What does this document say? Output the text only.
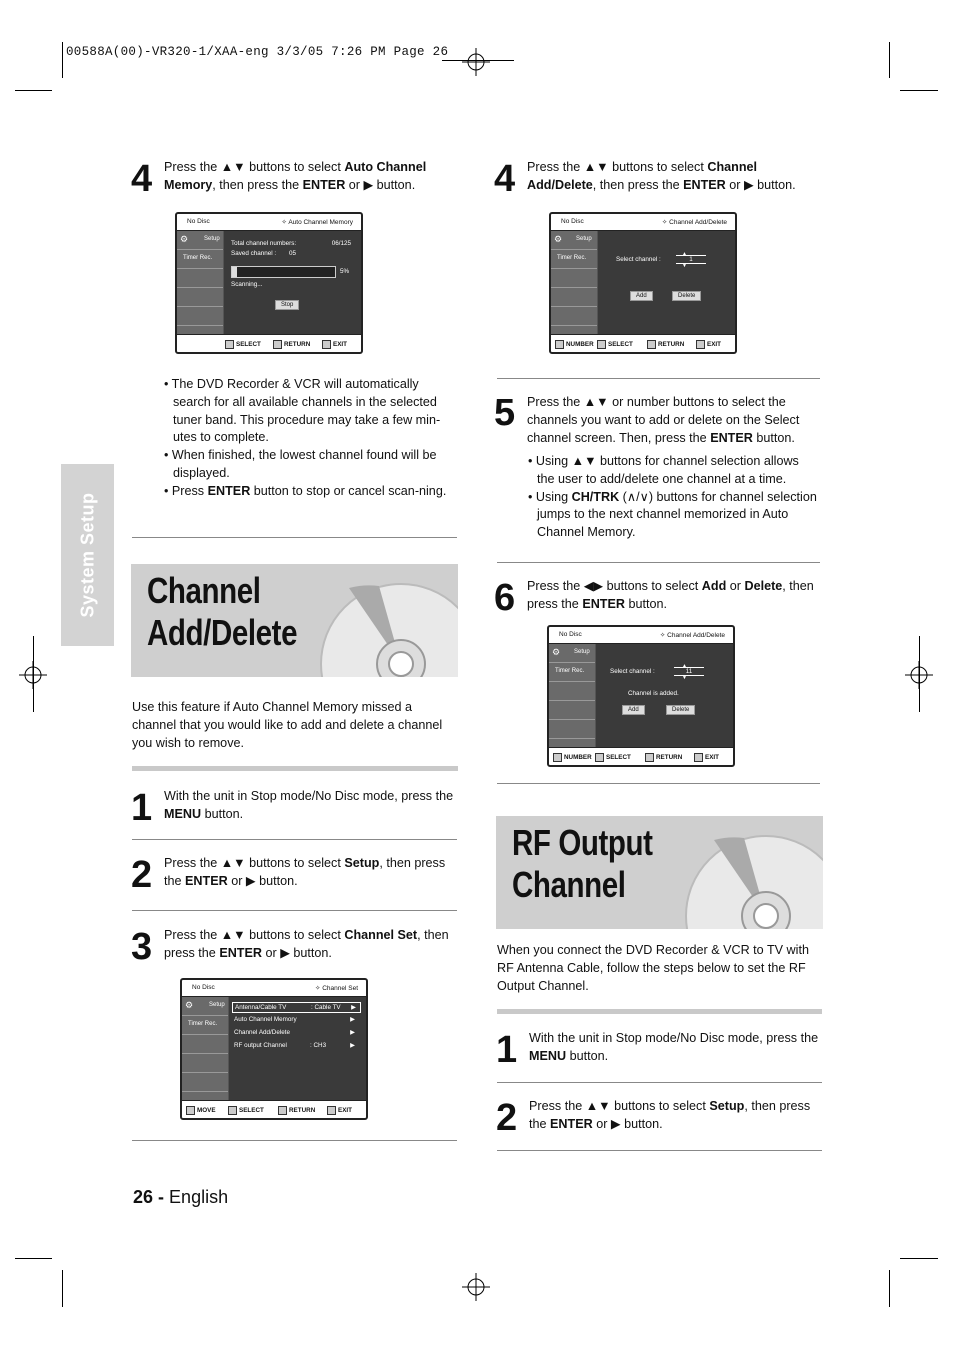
00588A(00)-VR320-1/XAA-eng 3/3/05 7:26 PM Page 26
System Setup
4 Press the ▲▼ buttons to select Auto Channel Memory, then press the ENTER or ▶ button.
No Disc	✧ Auto Channel Memory
⚙	Setup
Timer Rec.
Total channel numbers:	06/125
Saved channel : 05
5%
Scanning...
Stop
SELECT	RETURN	EXIT
• The DVD Recorder & VCR will automatically search for all available channels in the selected tuner band. This procedure may take a few min-utes to complete.
• When finished, the lowest channel found will be displayed.
• Press ENTER button to stop or cancel scan-ning.
Channel Add/Delete
Use this feature if Auto Channel Memory missed a channel that you would like to add and delete a channel you wish to remove.
1 With the unit in Stop mode/No Disc mode, press the MENU button.
2 Press the ▲▼ buttons to select Setup, then press the ENTER or ▶ button.
3 Press the ▲▼ buttons to select Channel Set, then press the ENTER or ▶ button.
No Disc	✧ Channel Set
⚙	Setup
Timer Rec.
Antenna/Cable TV	: Cable TV ▶
Auto Channel Memory	▶
Channel Add/Delete	▶
RF output Channel	: CH3	▶
MOVE	SELECT	RETURN	EXIT
26 - English
4 Press the ▲▼ buttons to select Channel Add/Delete, then press the ENTER or ▶ button.
No Disc	✧ Channel Add/Delete
⚙ Setup
Timer Rec.	Select channel :
▲
1
▼
Add	Delete
NUMBER	SELECT	RETURN	EXIT
5 Press the ▲▼ or number buttons to select the channels you want to add or delete on the Select channel screen. Then, press the ENTER button.
• Using ▲▼ buttons for channel selection allows the user to add/delete one channel at a time.
• Using CH/TRK (∧/∨) buttons for channel selection jumps to the next channel memorized in Auto Channel Memory.
6 Press the ◀▶ buttons to select Add or Delete, then press the ENTER button.
No Disc	✧ Channel Add/Delete
⚙ Setup
Timer Rec.	Select channel :
▲
11
▼
Channel is added.
Add	Delete
NUMBER	SELECT	RETURN	EXIT
RF Output Channel
When you connect the DVD Recorder & VCR to TV with RF Antenna Cable, follow the steps below to set the RF Output Channel.
1 With the unit in Stop mode/No Disc mode, press the MENU button.
2 Press the ▲▼ buttons to select Setup, then press the ENTER or ▶ button.
